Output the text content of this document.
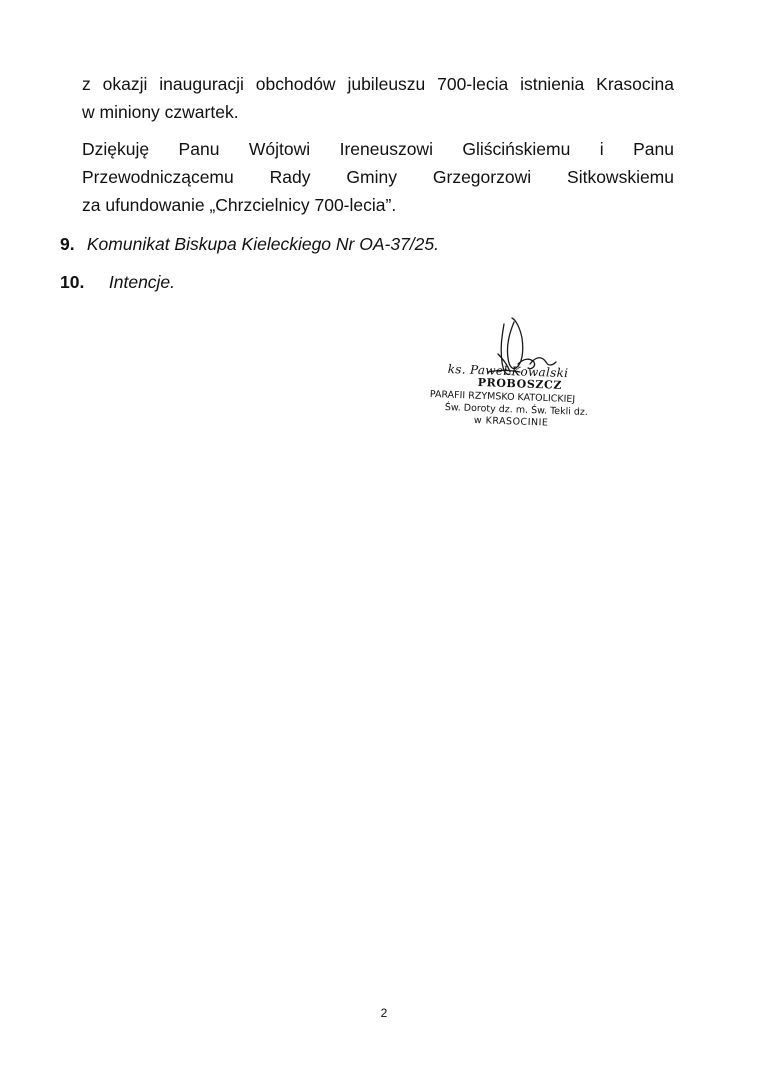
z okazji inauguracji obchodów jubileuszu 700-lecia istnienia Krasocina
w miniony czwartek.
Dziękuję Panu Wójtowi Ireneuszowi Gliścińskiemu i Panu
Przewodniczącemu Rady Gminy Grzegorzowi Sitkowskiemu
za ufundowanie „Chrzcielnicy 700-lecia”.
9. Komunikat Biskupa Kieleckiego Nr OA-37/25.
10. Intencje.
ks. Paweł Kowalski
PROBOSZCZ
PARAFII RZYMSKO KATOLICKIEJ
Św. Doroty dz. m. Św. Tekli dz.
w KRASOCINIE
2
